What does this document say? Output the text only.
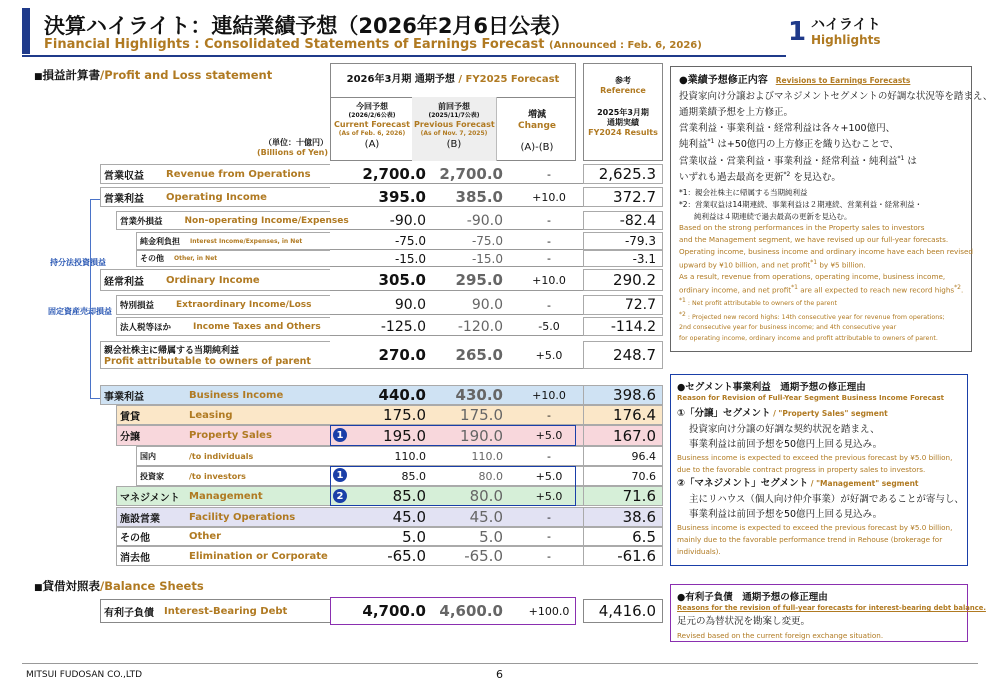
決算ハイライト：連結業績予想（2026年2月6日公表）
Financial Highlights : Consolidated Statements of Earnings Forecast (Announced : Feb. 6, 2026)	1 ハイライト
Highlights
■損益計算書/Profit and Loss statement	2026年3月期 通期予想 / FY2025 Forecast
今回予想
(2026/2/6公表)
Current Forecast
(As of Feb. 6, 2026)
(A)
前回予想
(2025/11/7公表)
Previous Forecast
(As of Nov. 7, 2025)
(B)
増減
Change
(A)-(B)
参考
Reference
2025年3月期
通期実績
FY2024 Results
（単位：十億円）
(Billions of Yen)
営業収益 Revenue from Operations	2,700.0 2,700.0	-	2,625.3
営業利益 Operating Income	395.0	385.0	+10.0	372.7
営業外損益 Non-operating Income/Expenses	-90.0	-90.0	-	-82.4
純金利負担 Interest Income/Expenses, in Net	-75.0	-75.0	-	-79.3
その他 Other, in Net	-15.0	-15.0	-	-3.1
経常利益 Ordinary Income	305.0	295.0	+10.0	290.2
特別損益 Extraordinary Income/Loss	90.0	90.0	-	72.7
法人税等ほか Income Taxes and Others	-125.0	-120.0	-5.0	-114.2
親会社株主に帰属する当期純利益
Profit attributable to owners of parent	270.0	265.0	+5.0	248.7
持分法投資損益
固定資産売却損益
事業利益	Business Income	440.0	430.0	+10.0	398.6
賃貸	Leasing	175.0	175.0	-	176.4
分譲	Property Sales	195.0	190.0	+5.0	167.0
国内	/to individuals	110.0	110.0	-	96.4
投資家	/to investors	85.0	80.0	+5.0	70.6
マネジメント Management	85.0	80.0	+5.0	71.6
施設営業	Facility Operations	45.0	45.0	-	38.6
その他	Other	5.0	5.0	-	6.5
消去他	Elimination or Corporate	-65.0	-65.0	-	-61.6
1
1
2
■貸借対照表/Balance Sheets
有利子負債 Interest-Bearing Debt	4,700.0 4,600.0	+100.0	4,416.0
●業績予想修正内容 Revisions to Earnings Forecasts
投資家向け分譲およびマネジメントセグメントの好調な状況等を踏まえ、
通期業績予想を上方修正。
営業利益・事業利益・経常利益は各々+100億円、
純利益$^{*1}$ は+50億円の上方修正を織り込むことで、
営業収益・営業利益・事業利益・経常利益・純利益$^{*1}$ は
いずれも過去最高を更新$^{*2}$ を見込む。
*1：親会社株主に帰属する当期純利益
*2：営業収益は14期連続、事業利益は２期連続、営業利益・経常利益・
　　純利益は４期連続で過去最高の更新を見込む。
Based on the strong performances in the Property sales to investors
and the Management segment, we have revised up our full-year forecasts.
Operating income, business income and ordinary income have each been revised
upward by ¥10 billion, and net profit$^{*1}$ by ¥5 billion.
As a result, revenue from operations, operating income, business income,
ordinary income, and net profit$^{*1}$ are all expected to reach new record highs$^{*2}$.
*1 : Net profit attributable to owners of the parent
*2 : Projected new record highs: 14th consecutive year for revenue from operations;
2nd consecutive year for business income; and 4th consecutive year
for operating income, ordinary income and profit attributable to owners of parent.
●セグメント事業利益　通期予想の修正理由
Reason for Revision of Full-Year Segment Business Income Forecast
①「分譲」セグメント / "Property Sales" segment
投資家向け分譲の好調な契約状況を踏まえ、
事業利益は前回予想を50億円上回る見込み。
Business income is expected to exceed the previous forecast by ¥5.0 billion,
due to the favorable contract progress in property sales to investors.
②「マネジメント」セグメント / "Management" segment
主にリハウス（個人向け仲介事業）が好調であることが寄与し、
事業利益は前回予想を50億円上回る見込み。
Business income is expected to exceed the previous forecast by ¥5.0 billion,
mainly due to the favorable performance trend in Rehouse (brokerage for
individuals).
●有利子負債　通期予想の修正理由
Reasons for the revision of full-year forecasts for interest-bearing debt balance.
足元の為替状況を勘案し変更。
Revised based on the current foreign exchange situation.
MITSUI FUDOSAN CO.,LTD	6
